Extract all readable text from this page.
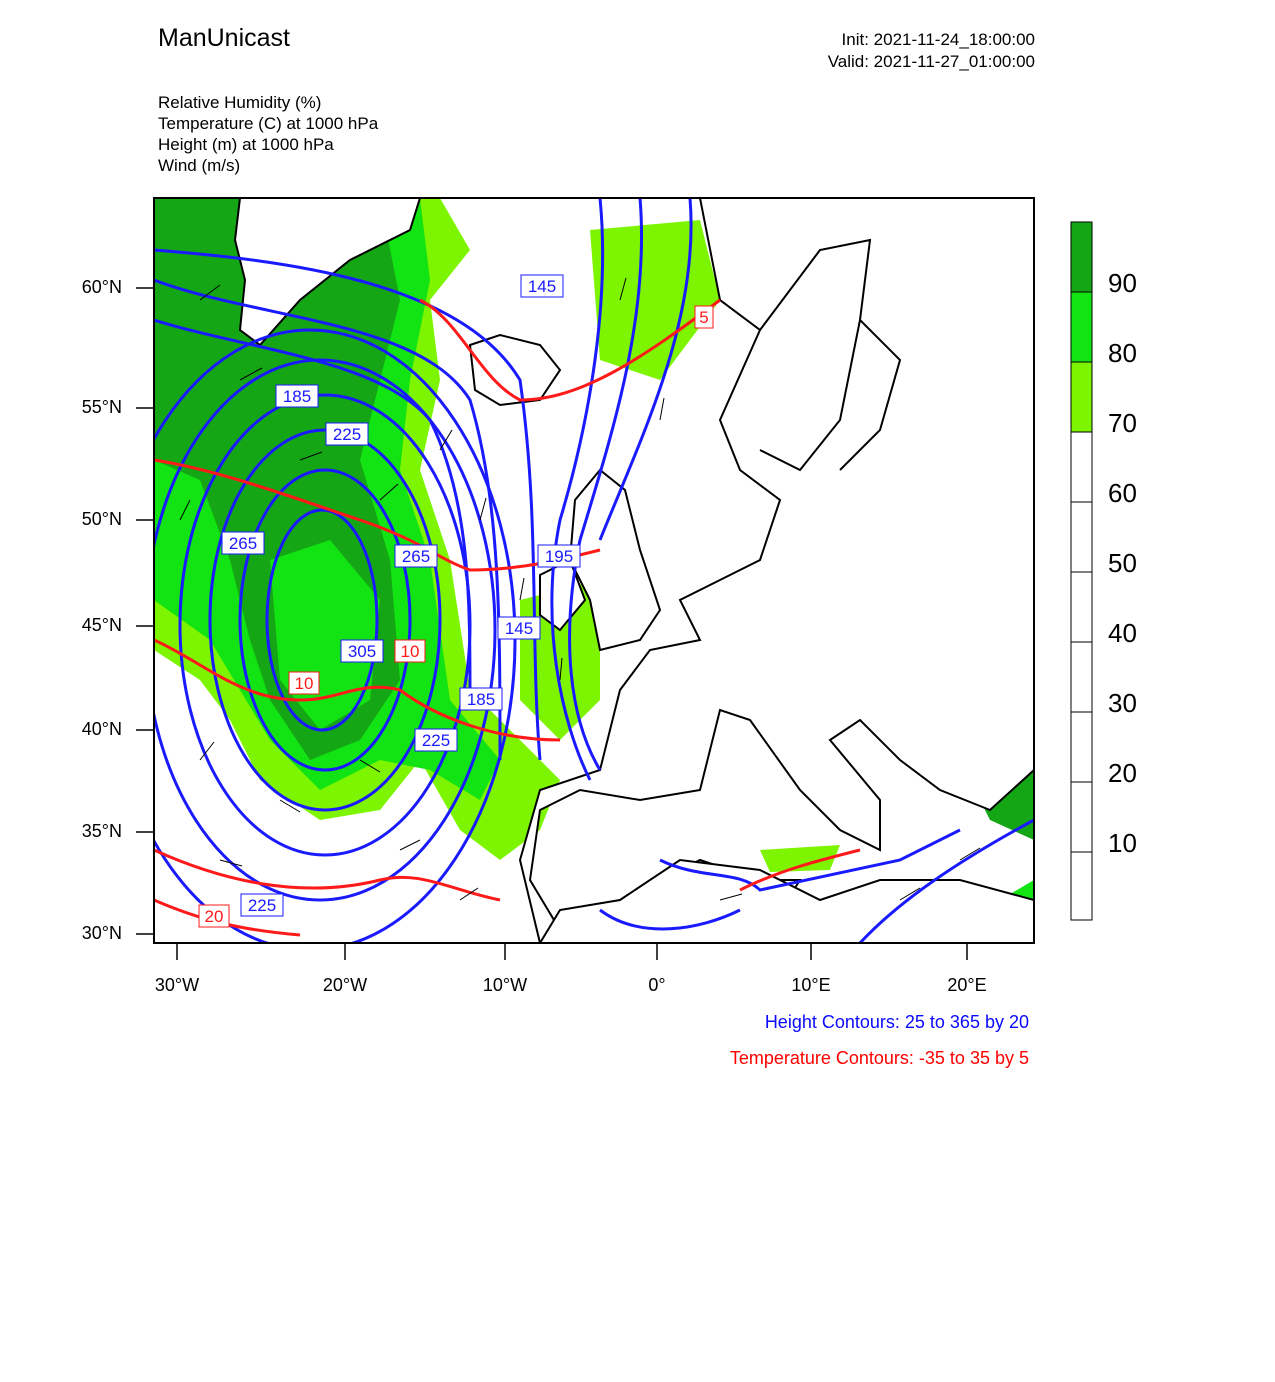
ManUnicast	Init: 2021-11-24_18:00:00
Valid: 2021-11-27_01:00:00
Relative Humidity (%)
Temperature (C) at 1000 hPa
Height (m) at 1000 hPa
Wind (m/s)
60°N
55°N
50°N
45°N
40°N
35°N
30°N
30°W	20°W	10°W	0°	10°E	20°E
145
185
225
265
265
305
195
145
185
225
225
5
10
10
20
90
80
70
60
50
40
30
20
10
Height Contours: 25 to 365 by 20
Temperature Contours: -35 to 35 by 5
